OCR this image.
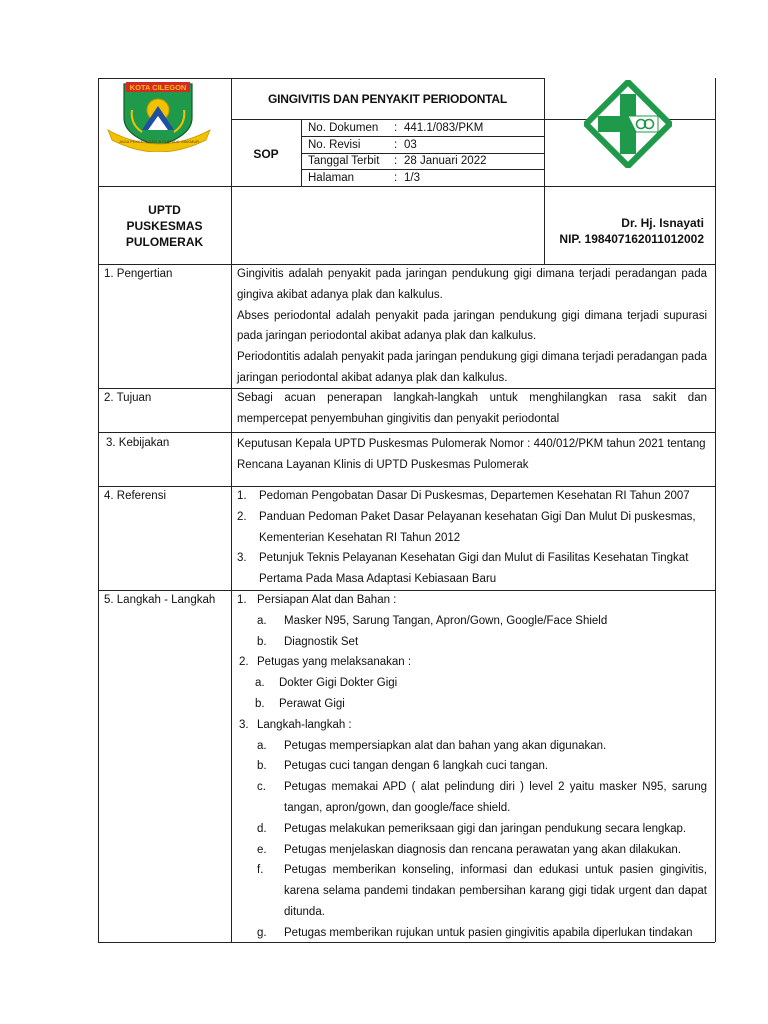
KOTA CILEGON
JAGA PEKERTI DAN JUJUR ADIL MAKMUR
GINGIVITIS DAN PENYAKIT PERIODONTAL
SOP
No. Dokumen : 441.1/083/PKM
No. Revisi	: 03
Tanggal Terbit : 28 Januari 2022
Halaman	: 1/3
UPTD
PUSKESMAS
PULOMERAK
Dr. Hj. Isnayati
NIP. 198407162011012002
1. Pengertian	Gingivitis adalah penyakit pada jaringan pendukung gigi dimana terjadi peradangan pada gingiva akibat adanya plak dan kalkulus.

Abses periodontal adalah penyakit pada jaringan pendukung gigi dimana terjadi supurasi pada jaringan periodontal akibat adanya plak dan kalkulus.

Periodontitis adalah penyakit pada jaringan pendukung gigi dimana terjadi peradangan pada jaringan periodontal akibat adanya plak dan kalkulus.

2. Tujuan	Sebagi acuan penerapan langkah-langkah untuk menghilangkan rasa sakit dan mempercepat penyembuhan gingivitis dan penyakit periodontal
3. Kebijakan	Keputusan Kepala UPTD Puskesmas Pulomerak Nomor : 440/012/PKM tahun 2021 tentang Rencana Layanan Klinis di UPTD Puskesmas Pulomerak
4. Referensi	1.	Pedoman Pengobatan Dasar Di Puskesmas, Departemen Kesehatan RI Tahun 2007
2.	Panduan Pedoman Paket Dasar Pelayanan kesehatan Gigi Dan Mulut Di puskesmas, Kementerian Kesehatan RI Tahun 2012
3.	Petunjuk Teknis Pelayanan Kesehatan Gigi dan Mulut di Fasilitas Kesehatan Tingkat Pertama Pada Masa Adaptasi Kebiasaan Baru
5. Langkah - Langkah 1. Persiapan Alat dan Bahan :
a.	Masker N95, Sarung Tangan, Apron/Gown, Google/Face Shield
b.	Diagnostik Set
2. Petugas yang melaksanakan :
a.	Dokter Gigi Dokter Gigi
b.	Perawat Gigi
3. Langkah-langkah :
a.	Petugas mempersiapkan alat dan bahan yang akan digunakan.
b.	Petugas cuci tangan dengan 6 langkah cuci tangan.
c.	Petugas memakai APD ( alat pelindung diri ) level 2 yaitu masker N95, sarung tangan, apron/gown, dan google/face shield.
d.	Petugas melakukan pemeriksaan gigi dan jaringan pendukung secara lengkap.
e.	Petugas menjelaskan diagnosis dan rencana perawatan yang akan dilakukan.
f.	Petugas memberikan konseling, informasi dan edukasi untuk pasien gingivitis, karena selama pandemi tindakan pembersihan karang gigi tidak urgent dan dapat ditunda.
g.	Petugas memberikan rujukan untuk pasien gingivitis apabila diperlukan tindakan
